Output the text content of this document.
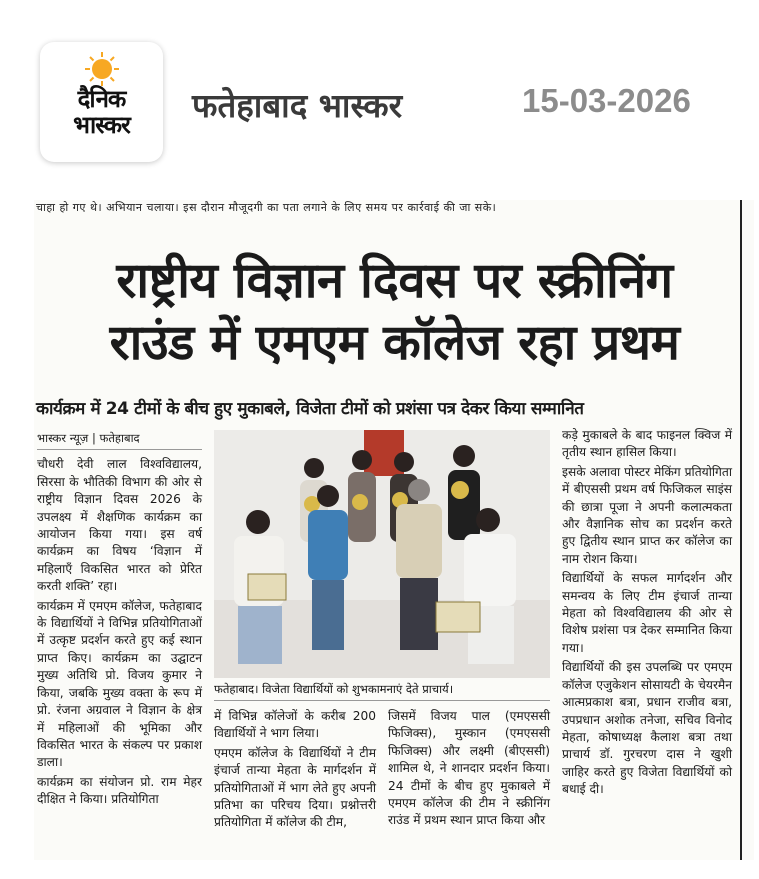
दैनिक
भास्कर फतेहाबाद भास्कर	15-03-2026
चाहा हो गए थे। अभियान चलाया। इस दौरान मौजूदगी का पता लगाने के लिए समय पर कार्रवाई की जा सके।
राष्ट्रीय विज्ञान दिवस पर स्क्रीनिंग
राउंड में एमएम कॉलेज रहा प्रथम
कार्यक्रम में 24 टीमों के बीच हुए मुकाबले, विजेता टीमों को प्रशंसा पत्र देकर किया सम्मानित

भास्कर न्यूज़ | फतेहाबाद

चौधरी देवी लाल विश्वविद्यालय, सिरसा के भौतिकी विभाग की ओर से राष्ट्रीय विज्ञान दिवस 2026 के उपलक्ष्य में शैक्षणिक कार्यक्रम का आयोजन किया गया। इस वर्ष कार्यक्रम का विषय ‘विज्ञान में महिलाएँ विकसित भारत को प्रेरित करती शक्ति’ रहा।

कार्यक्रम में एमएम कॉलेज, फतेहाबाद के विद्यार्थियों ने विभिन्न प्रतियोगिताओं में उत्कृष्ट प्रदर्शन करते हुए कई स्थान प्राप्त किए। कार्यक्रम का उद्घाटन मुख्य अतिथि प्रो. विजय कुमार ने किया, जबकि मुख्य वक्ता के रूप में प्रो. रंजना अग्रवाल ने विज्ञान के क्षेत्र में महिलाओं की भूमिका और विकसित भारत के संकल्प पर प्रकाश डाला।

कार्यक्रम का संयोजन प्रो. राम मेहर दीक्षित ने किया। प्रतियोगिता

फतेहाबाद। विजेता विद्यार्थियों को शुभकामनाएं देते प्राचार्य।

में विभिन्न कॉलेजों के करीब 200 विद्यार्थियों ने भाग लिया।

एमएम कॉलेज के विद्यार्थियों ने टीम इंचार्ज तान्या मेहता के मार्गदर्शन में प्रतियोगिताओं में भाग लेते हुए अपनी प्रतिभा का परिचय दिया। प्रश्नोत्तरी प्रतियोगिता में कॉलेज की टीम,

जिसमें विजय पाल (एमएससी फिजिक्स), मुस्कान (एमएससी फिजिक्स) और लक्ष्मी (बीएससी) शामिल थे, ने शानदार प्रदर्शन किया। 24 टीमों के बीच हुए मुकाबले में एमएम कॉलेज की टीम ने स्क्रीनिंग राउंड में प्रथम स्थान प्राप्त किया और

कड़े मुकाबले के बाद फाइनल क्विज में तृतीय स्थान हासिल किया।

इसके अलावा पोस्टर मेकिंग प्रतियोगिता में बीएससी प्रथम वर्ष फिजिकल साइंस की छात्रा पूजा ने अपनी कलात्मकता और वैज्ञानिक सोच का प्रदर्शन करते हुए द्वितीय स्थान प्राप्त कर कॉलेज का नाम रोशन किया।

विद्यार्थियों के सफल मार्गदर्शन और समन्वय के लिए टीम इंचार्ज तान्या मेहता को विश्वविद्यालय की ओर से विशेष प्रशंसा पत्र देकर सम्मानित किया गया।

विद्यार्थियों की इस उपलब्धि पर एमएम कॉलेज एजुकेशन सोसायटी के चेयरमैन आत्मप्रकाश बत्रा, प्रधान राजीव बत्रा, उपप्रधान अशोक तनेजा, सचिव विनोद मेहता, कोषाध्यक्ष कैलाश बत्रा तथा प्राचार्य डॉ. गुरचरण दास ने खुशी जाहिर करते हुए विजेता विद्यार्थियों को बधाई दी।
